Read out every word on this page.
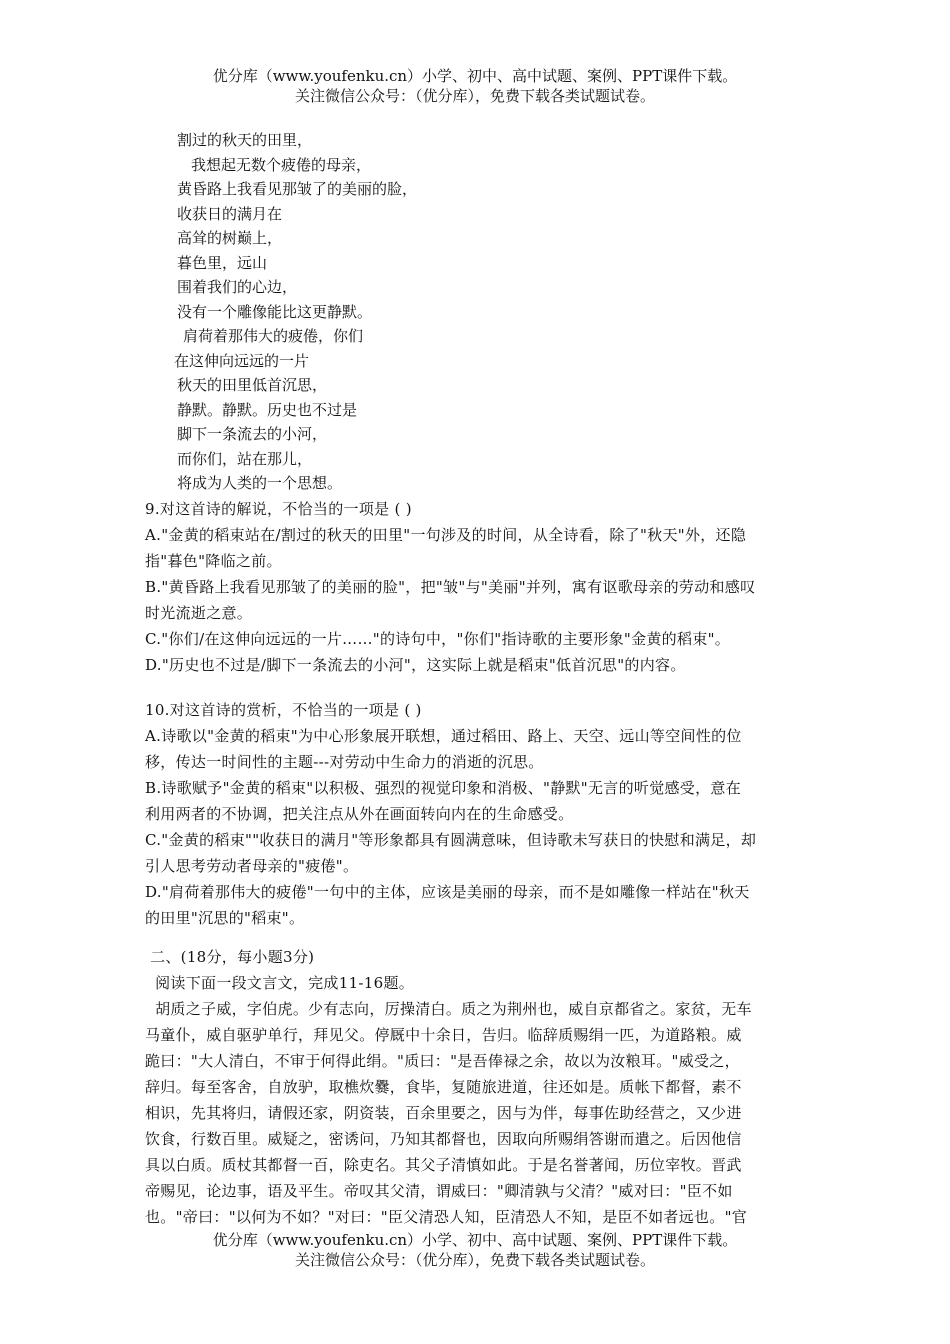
优分库（www.youfenku.cn）小学、初中、高中试题、案例、PPT课件下载。
关注微信公众号：（优分库），免费下载各类试题试卷。
割过的秋天的田里，
我想起无数个疲倦的母亲，
黄昏路上我看见那皱了的美丽的脸，
收获日的满月在
高耸的树巅上，
暮色里，远山
围着我们的心边，
没有一个雕像能比这更静默。
肩荷着那伟大的疲倦，你们
在这伸向远远的一片
秋天的田里低首沉思，
静默。静默。历史也不过是
脚下一条流去的小河，
而你们，站在那儿，
将成为人类的一个思想。
9.对这首诗的解说，不恰当的一项是 ( )
A."金黄的稻束站在/割过的秋天的田里"一句涉及的时间，从全诗看，除了"秋天"外，还隐
指"暮色"降临之前。
B."黄昏路上我看见那皱了的美丽的脸"，把"皱"与"美丽"并列，寓有讴歌母亲的劳动和感叹
时光流逝之意。
C."你们/在这伸向远远的一片……"的诗句中，"你们"指诗歌的主要形象"金黄的稻束"。
D."历史也不过是/脚下一条流去的小河"，这实际上就是稻束"低首沉思"的内容。
10.对这首诗的赏析，不恰当的一项是 ( )
A.诗歌以"金黄的稻束"为中心形象展开联想，通过稻田、路上、天空、远山等空间性的位
移，传达一时间性的主题---对劳动中生命力的消逝的沉思。
B.诗歌赋予"金黄的稻束"以积极、强烈的视觉印象和消极、"静默"无言的听觉感受，意在
利用两者的不协调，把关注点从外在画面转向内在的生命感受。
C."金黄的稻束""收获日的满月"等形象都具有圆满意味，但诗歌未写获日的快慰和满足，却
引人思考劳动者母亲的"疲倦"。
D."肩荷着那伟大的疲倦"一句中的主体，应该是美丽的母亲，而不是如雕像一样站在"秋天
的田里"沉思的"稻束"。
二、(18分，每小题3分)
阅读下面一段文言文，完成11-16题。
胡质之子威，字伯虎。少有志向，厉操清白。质之为荆州也，威自京都省之。家贫，无车
马童仆，威自驱驴单行，拜见父。停厩中十余日，告归。临辞质赐绢一匹，为道路粮。威
跪曰："大人清白，不审于何得此绢。"质曰："是吾俸禄之余，故以为汝粮耳。"威受之，
辞归。每至客舍，自放驴，取樵炊爨，食毕，复随旅进道，往还如是。质帐下都督，素不
相识，先其将归，请假还家，阴资装，百余里要之，因与为伴，每事佐助经营之，又少进
饮食，行数百里。威疑之，密诱问，乃知其都督也，因取向所赐绢答谢而遣之。后因他信
具以白质。质杖其都督一百，除吏名。其父子清慎如此。于是名誉著闻，历位宰牧。晋武
帝赐见，论边事，语及平生。帝叹其父清，谓威曰："卿清孰与父清？"威对曰："臣不如
也。"帝曰："以何为不如？"对曰："臣父清恐人知，臣清恐人不知，是臣不如者远也。"官
优分库（www.youfenku.cn）小学、初中、高中试题、案例、PPT课件下载。
关注微信公众号：（优分库），免费下载各类试题试卷。
